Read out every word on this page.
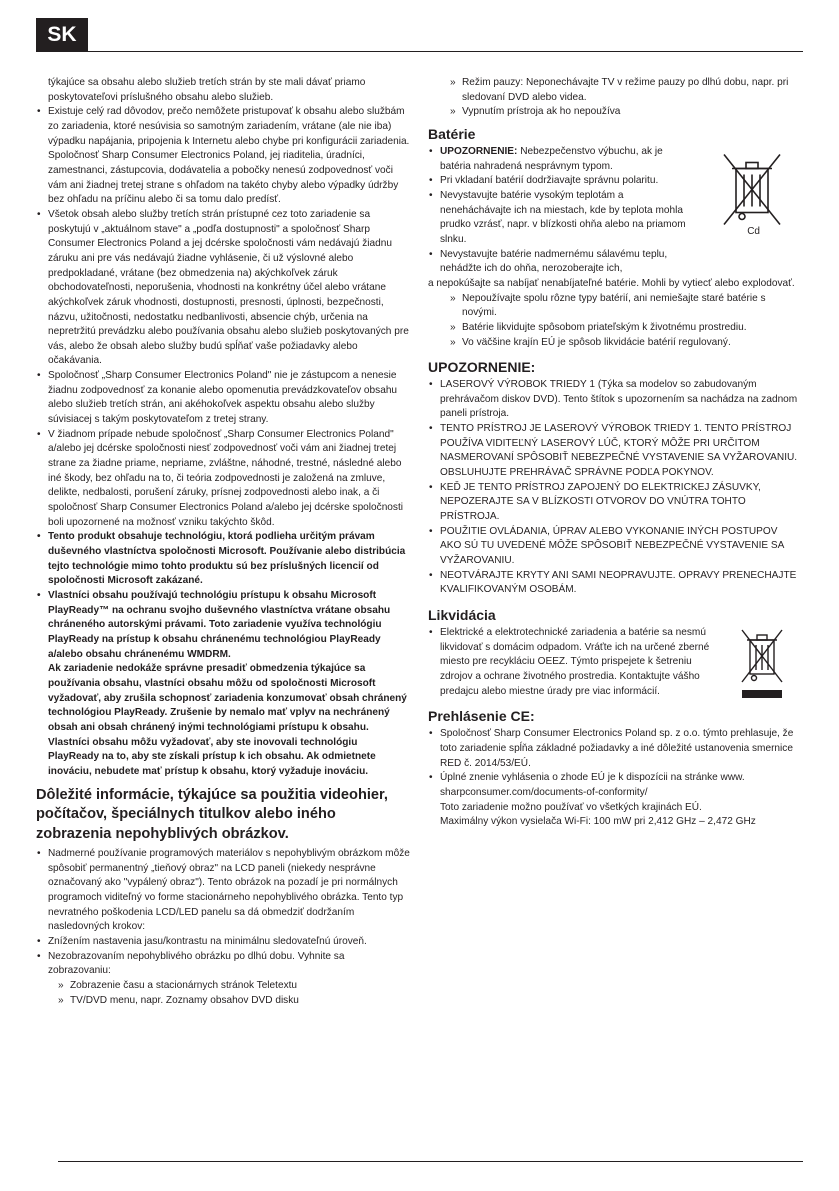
SK

týkajúce sa obsahu alebo služieb tretích strán by ste mali dávať priamo poskytovateľovi príslušného obsahu alebo služieb.

• Existuje celý rad dôvodov, prečo nemôžete pristupovať k obsahu alebo službám zo zariadenia, ktoré nesúvisia so samotným zariadením, vrátane (ale nie iba) výpadku napájania, pripojenia k Internetu alebo chybe pri konfigurácii zariadenia. Spoločnosť Sharp Consumer Electronics Poland, jej riaditelia, úradníci, zamestnanci, zástupcovia, dodávatelia a pobočky nenesú zodpovednosť voči vám ani žiadnej tretej strane s ohľadom na takéto chyby alebo výpadky údržby bez ohľadu na príčinu alebo či sa tomu dalo predísť.
• Všetok obsah alebo služby tretích strán prístupné cez toto zariadenie sa poskytujú v „aktuálnom stave" a „podľa dostupnosti" a spoločnosť Sharp Consumer Electronics Poland a jej dcérske spoločnosti vám nedávajú žiadnu záruku ani pre vás nedávajú žiadne vyhlásenie, či už výslovné alebo predpokladané, vrátane (bez obmedzenia na) akýchkoľvek záruk obchodovateľnosti, neporušenia, vhodnosti na konkrétny účel alebo vrátane akýchkoľvek záruk vhodnosti, dostupnosti, presnosti, úplnosti, bezpečnosti, názvu, užitočnosti, nedostatku nedbanlivosti, absencie chýb, určenia na nepretržitú prevádzku alebo používania obsahu alebo služieb poskytovaných pre vás, alebo že obsah alebo služby budú spĺňať vaše požiadavky alebo očakávania.
• Spoločnosť „Sharp Consumer Electronics Poland" nie je zástupcom a nenesie žiadnu zodpovednosť za konanie alebo opomenutia prevádzkovateľov obsahu alebo služieb tretích strán, ani akéhokoľvek aspektu obsahu alebo služby súvisiacej s takým poskytovateľom z tretej strany.
• V žiadnom prípade nebude spoločnosť „Sharp Consumer Electronics Poland" a/alebo jej dcérske spoločnosti niesť zodpovednosť voči vám ani žiadnej tretej strane za žiadne priame, nepriame, zvláštne, náhodné, trestné, následné alebo iné škody, bez ohľadu na to, či teória zodpovednosti je založená na zmluve, delikte, nedbalosti, porušení záruky, prísnej zodpovednosti alebo inak, a či spoločnosť Sharp Consumer Electronics Poland a/alebo jej dcérske spoločnosti boli upozornené na možnosť vzniku takýchto škôd.
• Tento produkt obsahuje technológiu, ktorá podlieha určitým právam duševného vlastníctva spoločnosti Microsoft. Používanie alebo distribúcia tejto technológie mimo tohto produktu sú bez príslušných licencií od spoločnosti Microsoft zakázané.
• Vlastníci obsahu používajú technológiu prístupu k obsahu Microsoft PlayReady™ na ochranu svojho duševného vlastníctva vrátane obsahu chráneného autorskými právami. Toto zariadenie využíva technológiu PlayReady na prístup k obsahu chránenému technológiou PlayReady a/alebo obsahu chránenému WMDRM.
Ak zariadenie nedokáže správne presadiť obmedzenia týkajúce sa používania obsahu, vlastníci obsahu môžu od spoločnosti Microsoft vyžadovať, aby zrušila schopnosť zariadenia konzumovať obsah chránený technológiou PlayReady. Zrušenie by nemalo mať vplyv na nechránený obsah ani obsah chránený inými technológiami prístupu k obsahu. Vlastníci obsahu môžu vyžadovať, aby ste inovovali technológiu PlayReady na to, aby ste získali prístup k ich obsahu. Ak odmietnete inováciu, nebudete mať prístup k obsahu, ktorý vyžaduje inováciu.
Dôležité informácie, týkajúce sa použitia videohier, počítačov, špeciálnych titulkov alebo iného zobrazenia nepohyblivých obrázkov.
• Nadmerné používanie programových materiálov s nepohyblivým obrázkom môže spôsobiť permanentný „tieňový obraz" na LCD paneli (niekedy nesprávne označovaný ako "vypálený obraz"). Tento obrázok na pozadí je pri normálnych programoch viditeľný vo forme stacionárneho nepohyblivého obrázka. Tento typ nevratného poškodenia LCD/LED panelu sa dá obmedziť dodržaním nasledovných krokov:
• Znížením nastavenia jasu/kontrastu na minimálnu sledovateľnú úroveň.
• Nezobrazovaním nepohyblivého obrázku po dlhú dobu. Vyhnite sa zobrazovaniu:
» Zobrazenie času a stacionárnych stránok Teletextu
» TV/DVD menu, napr. Zoznamy obsahov DVD disku
» Režim pauzy: Neponechávajte TV v režime pauzy po dlhú dobu, napr. pri sledovaní DVD alebo videa.
» Vypnutím prístroja ak ho nepoužíva
Batérie
Cd
• UPOZORNENIE: Nebezpečenstvo výbuchu, ak je batéria nahradená nesprávnym typom.
• Pri vkladaní batérií dodržiavajte správnu polaritu.
• Nevystavujte batérie vysokým teplotám a neneháchávajte ich na miestach, kde by teplota mohla prudko vzrásť, napr. v blízkosti ohňa alebo na priamom slnku.
• Nevystavujte batérie nadmernému sálavému teplu, nehádžte ich do ohňa, nerozoberajte ich,

a nepokúšajte sa nabíjať nenabíjateľné batérie. Mohli by vytiecť alebo explodovať.

» Nepoužívajte spolu rôzne typy batérií, ani nemiešajte staré batérie s novými.
» Batérie likvidujte spôsobom priateľským k životnému prostrediu.
» Vo väčšine krajín EÚ je spôsob likvidácie batérií regulovaný.
UPOZORNENIE:
• LASEROVÝ VÝROBOK TRIEDY 1 (Týka sa modelov so zabudovaným prehrávačom diskov DVD). Tento štítok s upozornením sa nachádza na zadnom paneli prístroja.
• TENTO PRÍSTROJ JE LASEROVÝ VÝROBOK TRIEDY 1. TENTO PRÍSTROJ POUŽÍVA VIDITEĽNÝ LASEROVÝ LÚČ, KTORÝ MÔŽE PRI URČITOM NASMEROVANÍ SPÔSOBIŤ NEBEZPEČNÉ VYSTAVENIE SA VYŽAROVANIU. OBSLUHUJTE PREHRÁVAČ SPRÁVNE PODĽA POKYNOV.
• KEĎ JE TENTO PRÍSTROJ ZAPOJENÝ DO ELEKTRICKEJ ZÁSUVKY, NEPOZERAJTE SA V BLÍZKOSTI OTVOROV DO VNÚTRA TOHTO PRÍSTROJA.
• POUŽITIE OVLÁDANIA, ÚPRAV ALEBO VYKONANIE INÝCH POSTUPOV AKO SÚ TU UVEDENÉ MÔŽE SPÔSOBIŤ NEBEZPEČNÉ VYSTAVENIE SA VYŽAROVANIU.
• NEOTVÁRAJTE KRYTY ANI SAMI NEOPRAVUJTE. OPRAVY PRENECHAJTE KVALIFIKOVANÝM OSOBÁM.
Likvidácia
• Elektrické a elektrotechnické zariadenia a batérie sa nesmú likvidovať s domácim odpadom. Vráťte ich na určené zberné miesto pre recykláciu OEEZ. Týmto prispejete k šetreniu zdrojov a ochrane životného prostredia. Kontaktujte vášho predajcu alebo miestne úrady pre viac informácií.
Prehlásenie CE:
• Spoločnosť Sharp Consumer Electronics Poland sp. z o.o. týmto prehlasuje, že toto zariadenie spĺňa základné požiadavky a iné dôležité ustanovenia smernice RED č. 2014/53/EÚ.
• Úplné znenie vyhlásenia o zhode EÚ je k dispozícii na stránke www.
sharpconsumer.com/documents-of-conformity/
Toto zariadenie možno používať vo všetkých krajinách EÚ.
Maximálny výkon vysielača Wi-Fi: 100 mW pri 2,412 GHz – 2,472 GHz
